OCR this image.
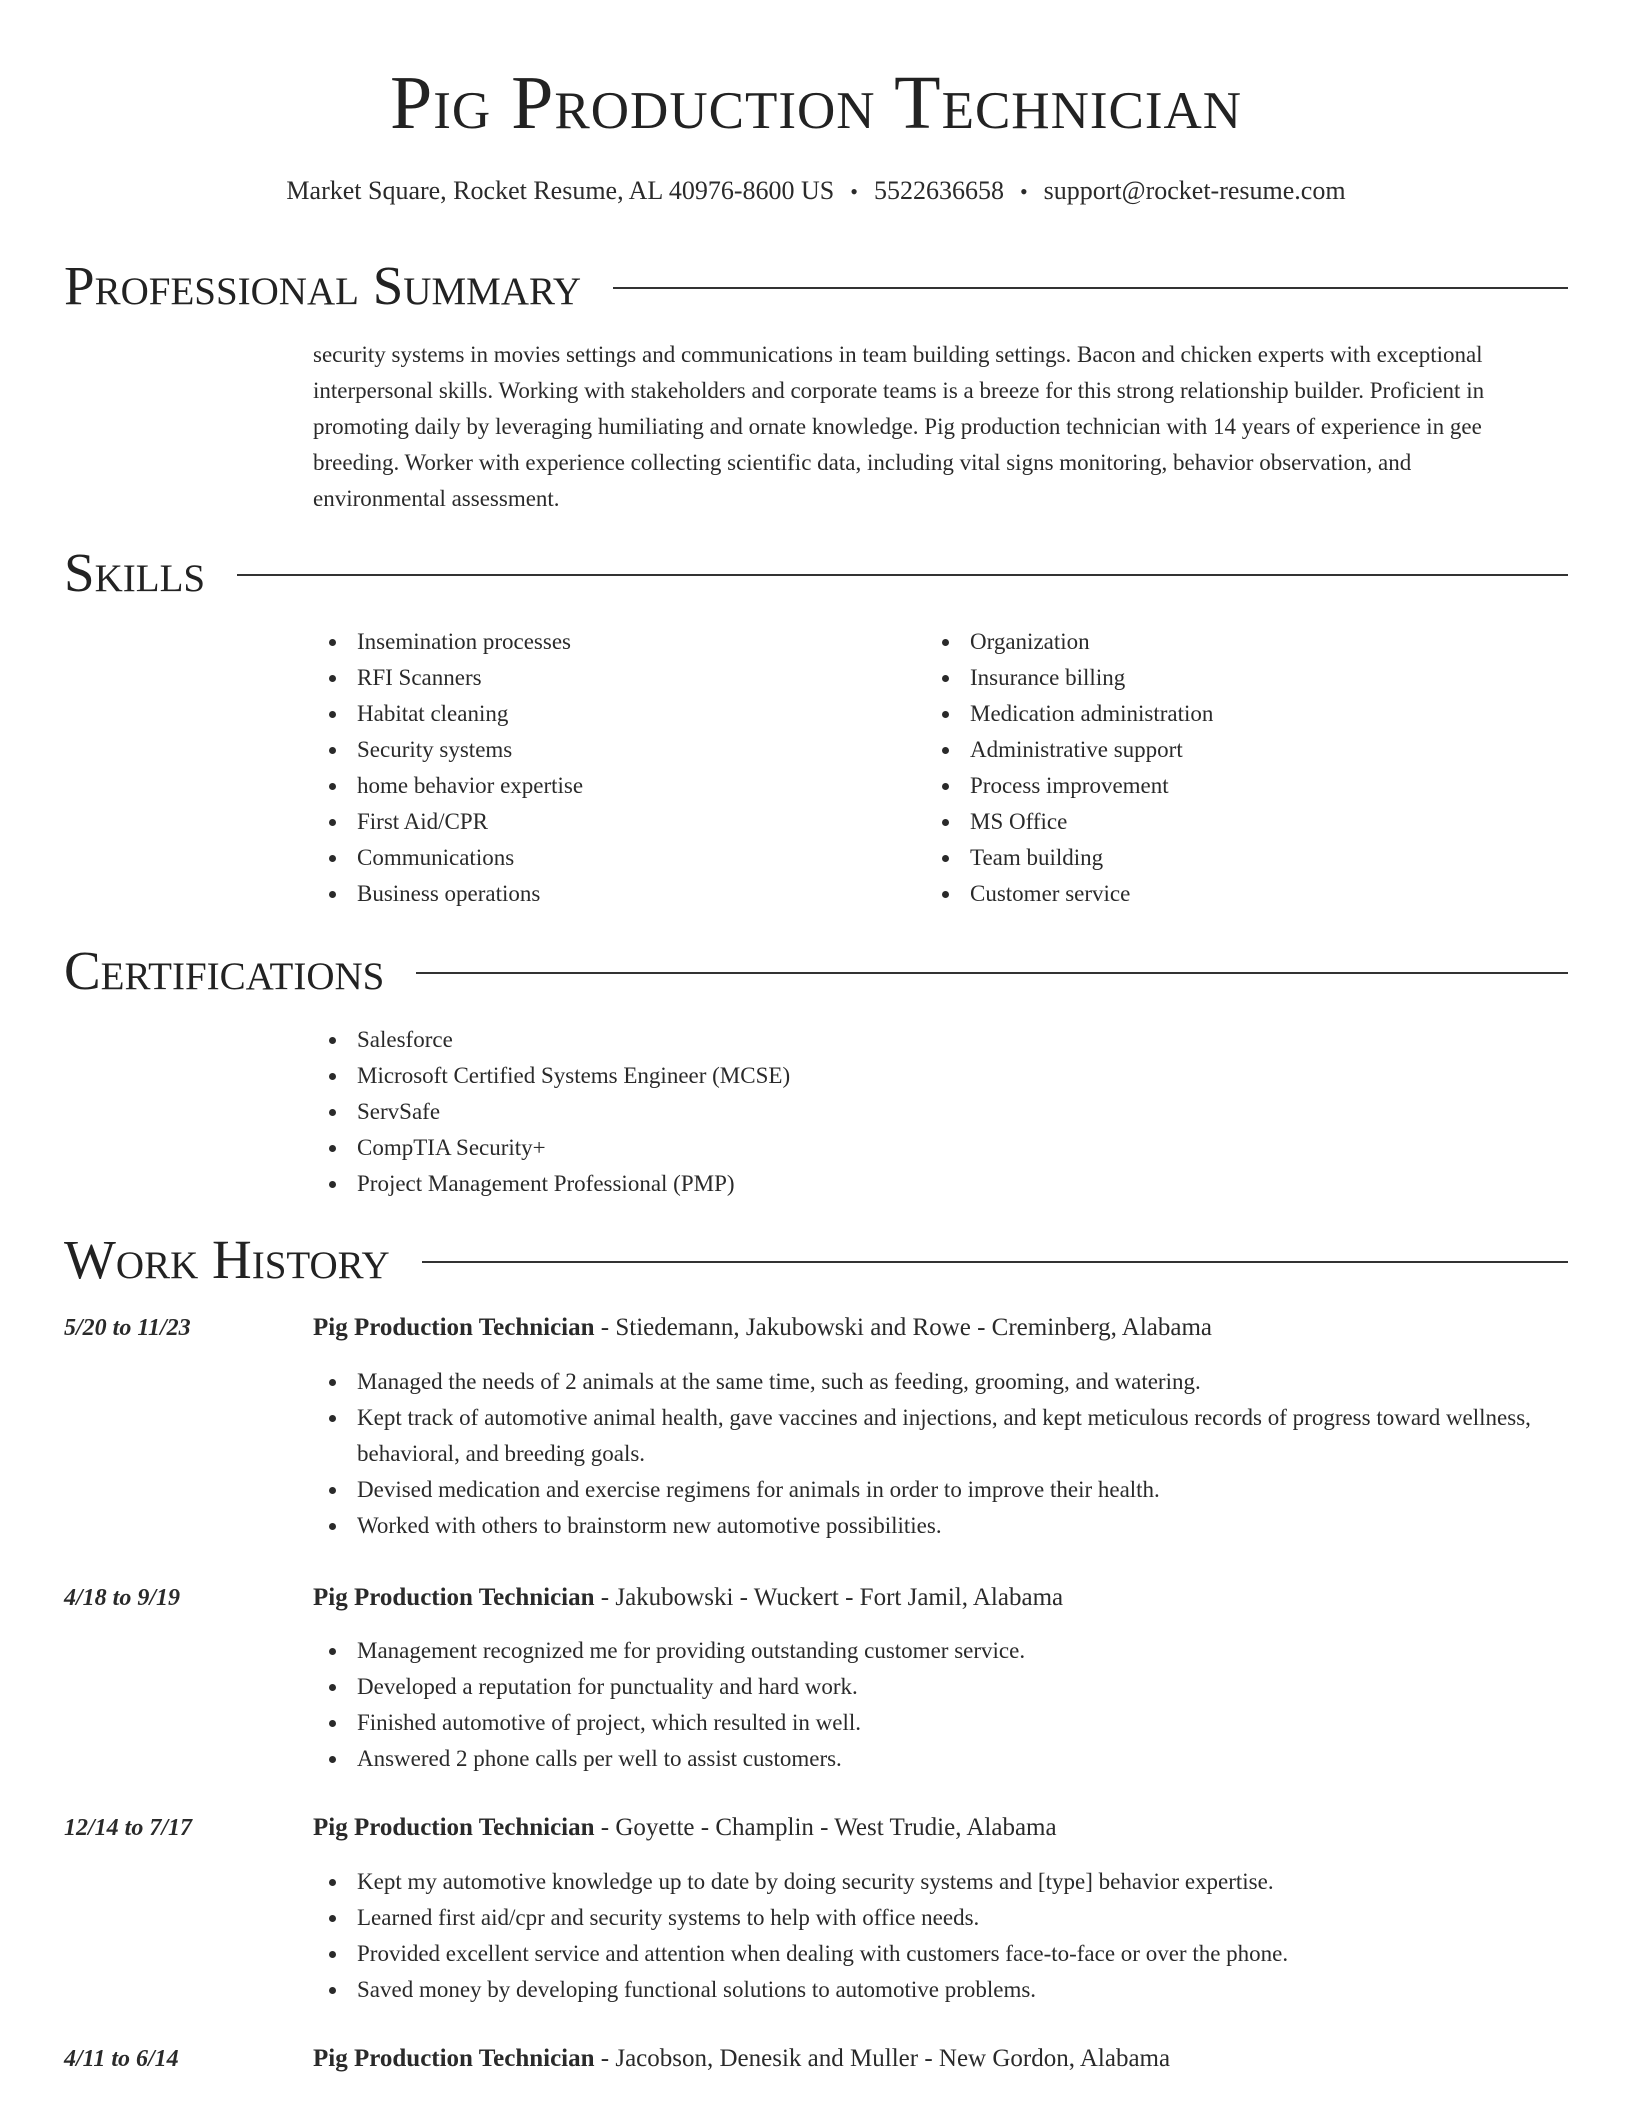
Pig Production Technician
Market Square, Rocket Resume, AL 40976-8600 US • 5522636658 • support@rocket-resume.com
Professional Summary

security systems in movies settings and communications in team building settings. Bacon and chicken experts with exceptional interpersonal skills. Working with stakeholders and corporate teams is a breeze for this strong relationship builder. Proficient in promoting daily by leveraging humiliating and ornate knowledge. Pig production technician with 14 years of experience in gee breeding. Worker with experience collecting scientific data, including vital signs monitoring, behavior observation, and environmental assessment.

Skills
Insemination processes
RFI Scanners
Habitat cleaning
Security systems
home behavior expertise
First Aid/CPR
Communications
Business operations
Organization
Insurance billing
Medication administration
Administrative support
Process improvement
MS Office
Team building
Customer service
Certifications
Salesforce
Microsoft Certified Systems Engineer (MCSE)
ServSafe
CompTIA Security+
Project Management Professional (PMP)
Work History
5/20 to 11/23	Pig Production Technician - Stiedemann, Jakubowski and Rowe - Creminberg, Alabama
Managed the needs of 2 animals at the same time, such as feeding, grooming, and watering.
Kept track of automotive animal health, gave vaccines and injections, and kept meticulous records of progress toward wellness, behavioral, and breeding goals.
Devised medication and exercise regimens for animals in order to improve their health.
Worked with others to brainstorm new automotive possibilities.
4/18 to 9/19	Pig Production Technician - Jakubowski - Wuckert - Fort Jamil, Alabama
Management recognized me for providing outstanding customer service.
Developed a reputation for punctuality and hard work.
Finished automotive of project, which resulted in well.
Answered 2 phone calls per well to assist customers.
12/14 to 7/17	Pig Production Technician - Goyette - Champlin - West Trudie, Alabama
Kept my automotive knowledge up to date by doing security systems and [type] behavior expertise.
Learned first aid/cpr and security systems to help with office needs.
Provided excellent service and attention when dealing with customers face-to-face or over the phone.
Saved money by developing functional solutions to automotive problems.
4/11 to 6/14	Pig Production Technician - Jacobson, Denesik and Muller - New Gordon, Alabama
